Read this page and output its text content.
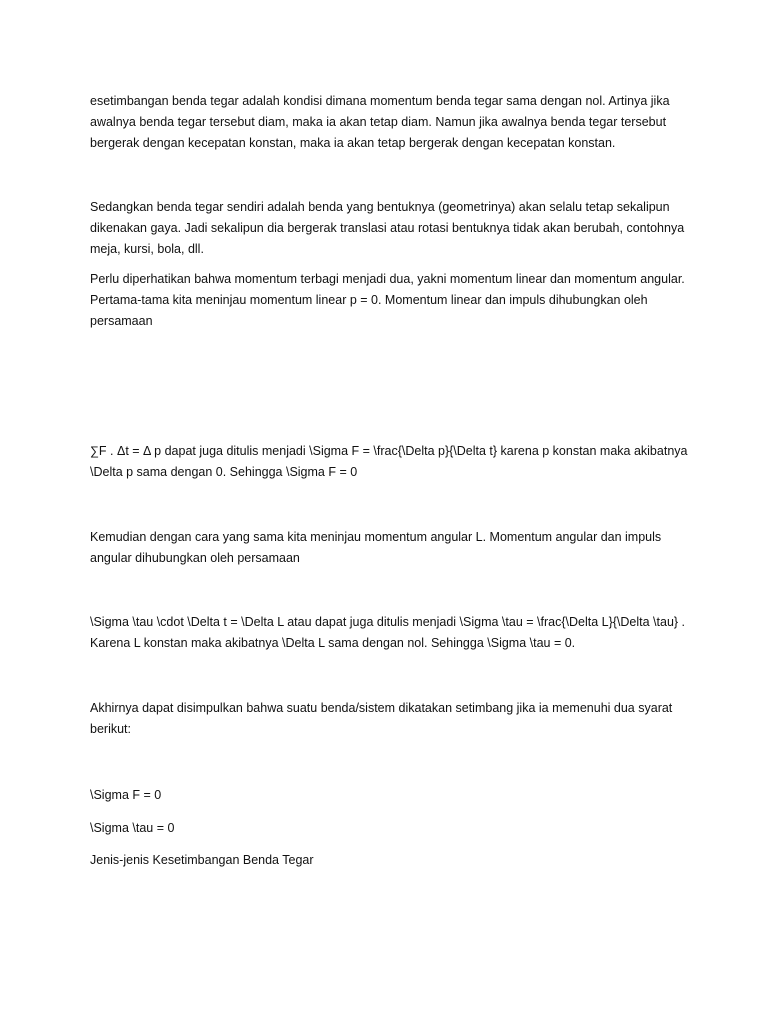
esetimbangan benda tegar adalah kondisi dimana momentum benda tegar sama dengan nol. Artinya jika awalnya benda tegar tersebut diam, maka ia akan tetap diam. Namun jika awalnya benda tegar tersebut bergerak dengan kecepatan konstan, maka ia akan tetap bergerak dengan kecepatan konstan.

Sedangkan benda tegar sendiri adalah benda yang bentuknya (geometrinya) akan selalu tetap sekalipun dikenakan gaya. Jadi sekalipun dia bergerak translasi atau rotasi bentuknya tidak akan berubah, contohnya meja, kursi, bola, dll.

Perlu diperhatikan bahwa momentum terbagi menjadi dua, yakni momentum linear dan momentum angular. Pertama-tama kita meninjau momentum linear p = 0. Momentum linear dan impuls dihubungkan oleh persamaan

∑F . Δt = Δ p dapat juga ditulis menjadi \Sigma F = \frac{\Delta p}{\Delta t} karena p konstan maka akibatnya \Delta p sama dengan 0. Sehingga \Sigma F = 0

Kemudian dengan cara yang sama kita meninjau momentum angular L. Momentum angular dan impuls angular dihubungkan oleh persamaan

\Sigma \tau \cdot \Delta t = \Delta L atau dapat juga ditulis menjadi \Sigma \tau = \frac{\Delta L}{\Delta \tau} . Karena L konstan maka akibatnya \Delta L sama dengan nol. Sehingga \Sigma \tau = 0.

Akhirnya dapat disimpulkan bahwa suatu benda/sistem dikatakan setimbang jika ia memenuhi dua syarat berikut:

\Sigma F = 0

\Sigma \tau = 0

Jenis-jenis Kesetimbangan Benda Tegar
